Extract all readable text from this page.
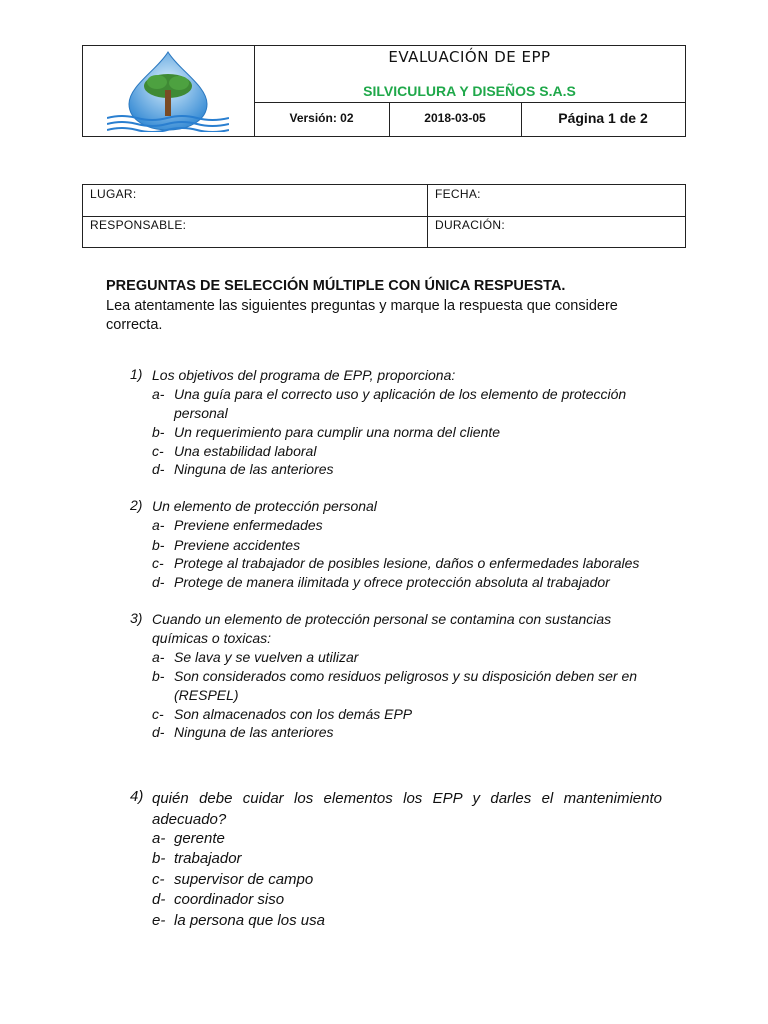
EVALUACIÓN DE EPP
SILVICULURA Y DISEÑOS S.A.S
Versión: 02	2018-03-05	Página 1 de 2
LUGAR:	FECHA:
RESPONSABLE:	DURACIÓN:
PREGUNTAS DE SELECCIÓN MÚLTIPLE CON ÚNICA RESPUESTA.
Lea atentamente las siguientes preguntas y marque la respuesta que considere correcta.
1) Los objetivos del programa de EPP, proporciona:
a- Una guía para el correcto uso y aplicación de los elemento de protección personal
b- Un requerimiento para cumplir una norma del cliente
c- Una estabilidad laboral
d- Ninguna de las anteriores
2) Un elemento de protección personal
a- Previene enfermedades
b- Previene accidentes
c- Protege al trabajador de posibles lesione, daños o enfermedades laborales
d- Protege de manera ilimitada y ofrece protección absoluta al trabajador
3) Cuando un elemento de protección personal se contamina con sustancias químicas o toxicas:
a- Se lava y se vuelven a utilizar
b- Son considerados como residuos peligrosos y su disposición deben ser en (RESPEL)
c- Son almacenados con los demás EPP
d- Ninguna de las anteriores
4) quién debe cuidar los elementos los EPP y darles el mantenimiento adecuado?
a- gerente
b- trabajador
c- supervisor de campo
d- coordinador siso
e- la persona que los usa
